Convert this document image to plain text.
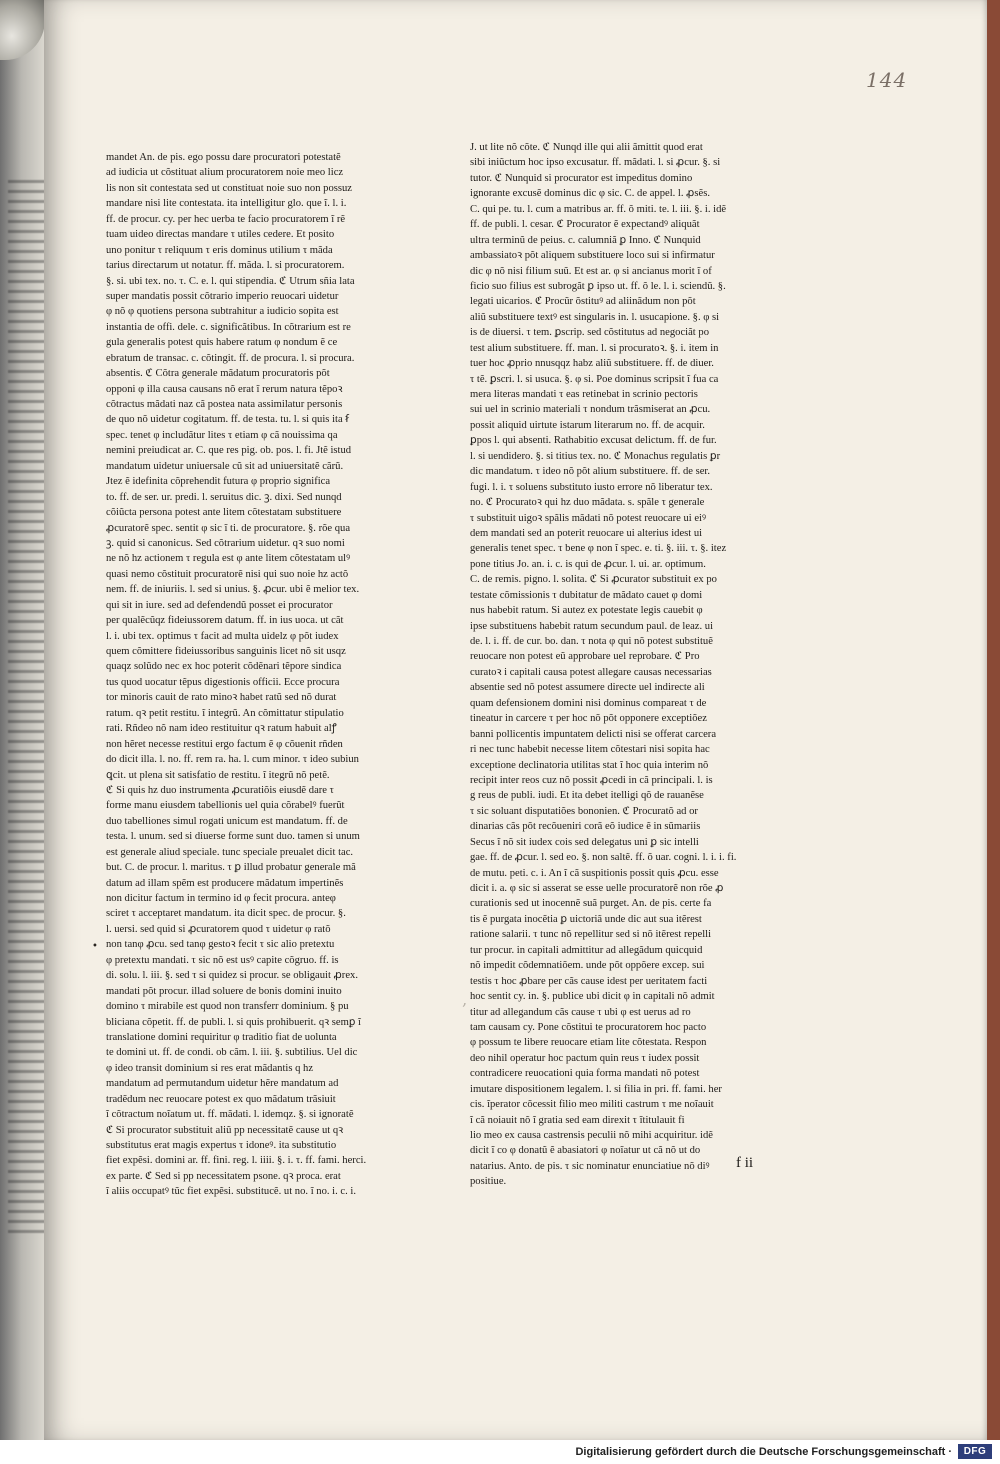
144
mandet An. de pis. ego possu dare procuratori potestatẽ
ad iudicia ut cõstituat alium procuratorem noie meo licz
lis non sit contestata sed ut constituat noie suo non possuz
mandare nisi lite contestata. ita intelligitur glo. que ĩ. l. i.
ff. de procur. cy. per hec uerba te facio procuratorem ĩ rẽ
tuam uideo directas mandare τ utiles cedere. Et posito
uno ponitur τ reliquum τ eris dominus utilium τ mãda
tarius directarum ut notatur. ff. mãda. l. si procuratorem.
§. si. ubi tex. no. τ. C. e. l. qui stipendia. ℭ Utrum sñia lata
super mandatis possit cõtrario imperio reuocari uidetur
φ nõ φ quotiens persona subtrahitur a iudicio sopita est
instantia de offi. dele. c. significãtibus. In cõtrarium est re
gula generalis potest quis habere ratum φ nondum ẽ ce
ebratum de transac. c. cõtingit. ff. de procura. l. si procura.
absentis. ℭ Cõtra generale mãdatum procuratoris põt
opponi φ illa causa causans nõ erat ĩ rerum natura tẽpoꝛ
cõtractus mãdati naz cã postea nata assimilatur personis
de quo nõ uidetur cogitatum. ff. de testa. tu. l. si quis ita ẜ
spec. tenet φ includãtur lites τ etiam φ cã nouissima qa
nemini preiudicat ar. C. que res pig. ob. pos. l. fi. Jtẽ istud
mandatum uidetur uniuersale cũ sit ad uniuersitatẽ cãrũ.
Jtez ẽ idefinita cõprehendit futura φ proprio significa
to. ff. de ser. ur. predi. l. seruitus dic. ꝫ. dixi. Sed nunqd
cõiũcta persona potest ante litem cõtestatam substituere
ꝓcuratorẽ spec. sentit φ sic ĩ ti. de procuratore. §. rõe qua
ꝫ. quid si canonicus. Sed cõtrarium uidetur. qꝛ suo nomi
ne nõ hz actionem τ regula est φ ante litem cõtestatam ulꝰ
quasi nemo cõstituit procuratorẽ nisi qui suo noie hz actõ
nem. ff. de iniuriis. l. sed si unius. §. ꝓcur. ubi ẽ melior tex.
qui sit in iure. sed ad defendendũ posset ei procurator
per qualẽcũqz fideiussorem datum. ff. in ius uoca. ut cãt
l. i. ubi tex. optimus τ facit ad multa uidelz φ põt iudex
quem cõmittere fideiussoribus sanguinis licet nõ sit usqz
quaqz solũdo nec ex hoc poterit cõdẽnari tẽpore sindica
tus quod uocatur tẽpus digestionis officii. Ecce procura
tor minoris cauit de rato minoꝛ habet ratũ sed nõ durat
ratum. qꝛ petit restitu. ĩ integrũ. An cõmittatur stipulatio
rati. Rñdeo nõ nam ideo restituitur qꝛ ratum habuit alꝭ
non hẽret necesse restitui ergo factum ẽ φ cõuenit rñden
do dicit illa. l. no. ff. rem ra. ha. l. cum minor. τ ideo subiun
ꝗcit. ut plena sit satisfatio de restitu. ĩ itegrũ nõ petẽ.
ℭ Si quis hz duo instrumenta ꝓcuratiõis eiusdẽ dare τ
forme manu eiusdem tabellionis uel quia cõrabelꝰ fuerũt
duo tabelliones simul rogati unicum est mandatum. ff. de
testa. l. unum. sed si diuerse forme sunt duo. tamen si unum
est generale aliud speciale. tunc speciale preualet dicit tac.
but. C. de procur. l. maritus. τ ꝑ illud probatur generale mã
datum ad illam spẽm est producere mãdatum impertinẽs
non dicitur factum in termino id φ fecit procura. anteφ
sciret τ acceptaret mandatum. ita dicit spec. de procur. §.
l. uersi. sed quid si ꝓcuratorem quod τ uidetur φ ratõ
non tanφ ꝓcu. sed tanφ gestoꝛ fecit τ sic alio pretextu
φ pretextu mandati. τ sic nõ est usꝰ capite cõgruo. ff. is
di. solu. l. iii. §. sed τ si quidez si procur. se obligauit ꝓrex.
mandati põt procur. illad soluere de bonis domini inuito
domino τ mirabile est quod non transferr dominium. § pu
bliciana cõpetit. ff. de publi. l. si quis prohibuerit. qꝛ semꝑ ĩ
translatione domini requiritur φ traditio fiat de uolunta
te domini ut. ff. de condi. ob cãm. l. iii. §. subtilius. Uel dic
φ ideo transit dominium si res erat mãdantis q hz
mandatum ad permutandum uidetur hẽre mandatum ad
tradẽdum nec reuocare potest ex quo mãdatum trãsiuit
ĩ cõtractum noĩatum ut. ff. mãdati. l. idemqz. §. si ignoratẽ
ℭ Si procurator substituit aliũ pp necessitatẽ cause ut qꝛ
substitutus erat magis expertus τ idoneꝰ. ita substitutio
fiet expẽsi. domini ar. ff. fini. reg. l. iiii. §. i. τ. ff. fami. herci.
ex parte. ℭ Sed si pp necessitatem psone. qꝛ proca. erat
ĩ aliis occupatꝰ tũc fiet expẽsi. substitucẽ. ut no. ĩ no. i. c. i.
J. ut lite nõ cõte. ℭ Nunqd ille qui alii ãmittit quod erat
sibi iniũctum hoc ipso excusatur. ff. mãdati. l. si ꝓcur. §. si
tutor. ℭ Nunquid si procurator est impeditus domino
ignorante excusẽ dominus dic φ sic. C. de appel. l. ꝓsẽs.
C. qui pe. tu. l. cum a matribus ar. ff. õ miti. te. l. iii. §. i. idẽ
ff. de publi. l. cesar. ℭ Procurator ẽ expectandꝰ aliquãt
ultra terminũ de peius. c. calumniã ꝑ Inno. ℭ Nunquid
ambassiatoꝛ põt aliquem substituere loco sui si infirmatur
dic φ nõ nisi filium suũ. Et est ar. φ si ancianus morit ĩ of
ficio suo filius est subrogãt ꝑ ipso ut. ff. õ le. l. i. sciendũ. §.
legati uicarios. ℭ Procũr õstituꝰ ad aliinãdum non põt
aliũ substituere textꝰ est singularis in. l. usucapione. §. φ si
is de diuersi. τ tem. ꝑscrip. sed cõstitutus ad negociãt po
test alium substituere. ff. man. l. si procuratoꝛ. §. i. item in
tuer hoc ꝓprio nnusqqz habz aliũ substituere. ff. de diuer.
τ tẽ. ꝑscri. l. si usuca. §. φ si. Poe dominus scripsit ĩ fua ca
mera literas mandati τ eas retinebat in scrinio pectoris
sui uel in scrinio materiali τ nondum trãsmiserat an ꝓcu.
possit aliquid uirtute istarum literarum no. ff. de acquir.
ꝑpos l. qui absenti. Rathabitio excusat delictum. ff. de fur.
l. si uendidero. §. si titius tex. no. ℭ Monachus regulatis ꝑr
dic mandatum. τ ideo nõ põt alium substituere. ff. de ser.
fugi. l. i. τ soluens substituto iusto errore nõ liberatur tex.
no. ℭ Procuratoꝛ qui hz duo mãdata. s. spãle τ generale
τ substituit uigoꝛ spãlis mãdati nõ potest reuocare ui eiꝰ
dem mandati sed an poterit reuocare ui alterius idest ui
generalis tenet spec. τ bene φ non ĩ spec. e. ti. §. iii. τ. §. itez
pone titius Jo. an. i. c. is qui de ꝓcur. l. ui. ar. optimum.
C. de remis. pigno. l. solita. ℭ Si ꝓcurator substituit ex po
testate cõmissionis τ dubitatur de mãdato cauet φ domi
nus habebit ratum. Si autez ex potestate legis cauebit φ
ipse substituens habebit ratum secundum paul. de leaz. ui
de. l. i. ff. de cur. bo. dan. τ nota φ qui nõ potest substituẽ
reuocare non potest eũ approbare uel reprobare. ℭ Pro
curatoꝛ i capitali causa potest allegare causas necessarias
absentie sed nõ potest assumere directe uel indirecte ali
quam defensionem domini nisi dominus compareat τ de
tineatur in carcere τ per hoc nõ põt opponere exceptiõez
banni pollicentis impuntatem delicti nisi se offerat carcera
ri nec tunc habebit necesse litem cõtestari nisi sopita hac
exceptione declinatoria utilitas stat ĩ hoc quia interim nõ
recipit inter reos cuz nõ possit ꝓcedi in cã principali. l. is
g reus de publi. iudi. Et ita debet itelligi qõ de rauanẽse
τ sic soluant disputatiões bononien. ℭ Procuratõ ad or
dinarias cãs põt recõueniri corã eõ iudice ẽ in sũmariis
Secus ĩ nõ sit iudex cois sed delegatus uni ꝑ sic intelli
gae. ff. de ꝓcur. l. sed eo. §. non saltẽ. ff. õ uar. cogni. l. i. i. fi.
de mutu. peti. c. i. An ĩ cã suspitionis possit quis ꝓcu. esse
dicit i. a. φ sic si asserat se esse uelle procuratorẽ non rõe ꝓ
curationis sed ut inocennẽ suã purget. An. de pis. certe fa
tis ẽ purgata inocẽtia ꝑ uictoriã unde dic aut sua itẽrest
ratione salarii. τ tunc nõ repellitur sed si nõ itẽrest repelli
tur procur. in capitali admittitur ad allegãdum quicquid
nõ impedit cõdemnatiõem. unde põt oppõere excep. sui
testis τ hoc ꝓbare per cãs cause idest per ueritatem facti
hoc sentit cy. in. §. publice ubi dicit φ in capitali nõ admit
titur ad allegandum cãs cause τ ubi φ est uerus ad ro
tam causam cy. Pone cõstitui te procuratorem hoc pacto
φ possum te libere reuocare etiam lite cõtestata. Respon
deo nihil operatur hoc pactum quin reus τ iudex possit
contradicere reuocationi quia forma mandati nõ potest
imutare dispositionem legalem. l. si filia in pri. ff. fami. her
cis. ĩperator cõcessit filio meo militi castrum τ me noĩauit
ĩ cã noiauit nõ ĩ gratia sed eam direxit τ ĩtitulauit fi
lio meo ex causa castrensis peculii nõ mihi acquiritur. idẽ
dicit ĩ co φ donatũ ẽ abasiatori φ noĩatur ut cã nõ ut do
natarius. Anto. de pis. τ sic nominatur enunciatiue nõ diꝰ
positiue.
•
‚
f ii
Digitalisierung gefördert durch die Deutsche Forschungsgemeinschaft ·	DFG
